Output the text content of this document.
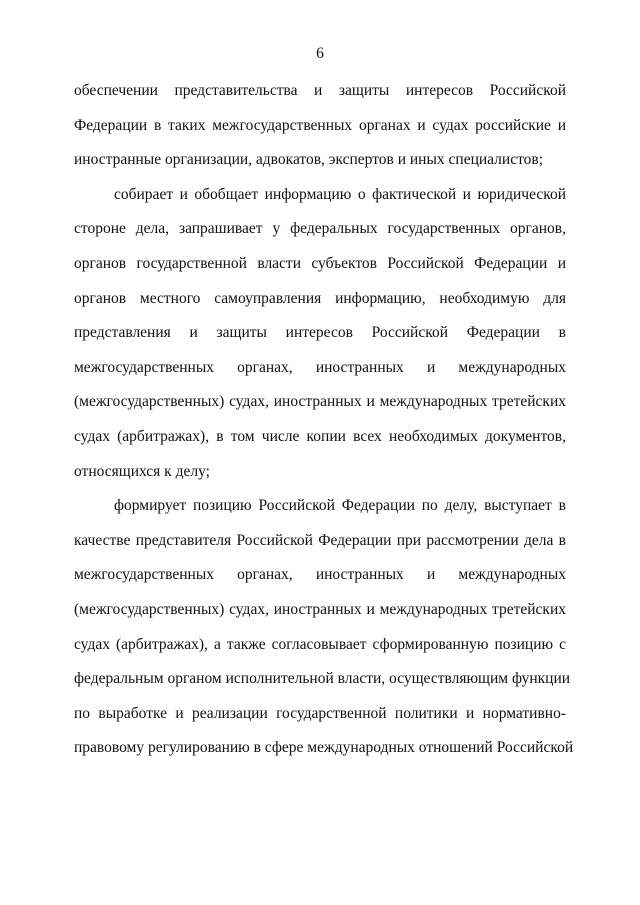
6
обеспечении представительства и защиты интересов Российской
Федерации в таких межгосударственных органах и судах российские и
иностранные организации, адвокатов, экспертов и иных специалистов;
собирает и обобщает информацию о фактической и юридической
стороне дела, запрашивает у федеральных государственных органов,
органов государственной власти субъектов Российской Федерации и
органов местного самоуправления информацию, необходимую для
представления и защиты интересов Российской Федерации в
межгосударственных органах, иностранных и международных
(межгосударственных) судах, иностранных и международных третейских
судах (арбитражах), в том числе копии всех необходимых документов,
относящихся к делу;
формирует позицию Российской Федерации по делу, выступает в
качестве представителя Российской Федерации при рассмотрении дела в
межгосударственных органах, иностранных и международных
(межгосударственных) судах, иностранных и международных третейских
судах (арбитражах), а также согласовывает сформированную позицию с
федеральным органом исполнительной власти, осуществляющим функции
по выработке и реализации государственной политики и нормативно-
правовому регулированию в сфере международных отношений Российской
